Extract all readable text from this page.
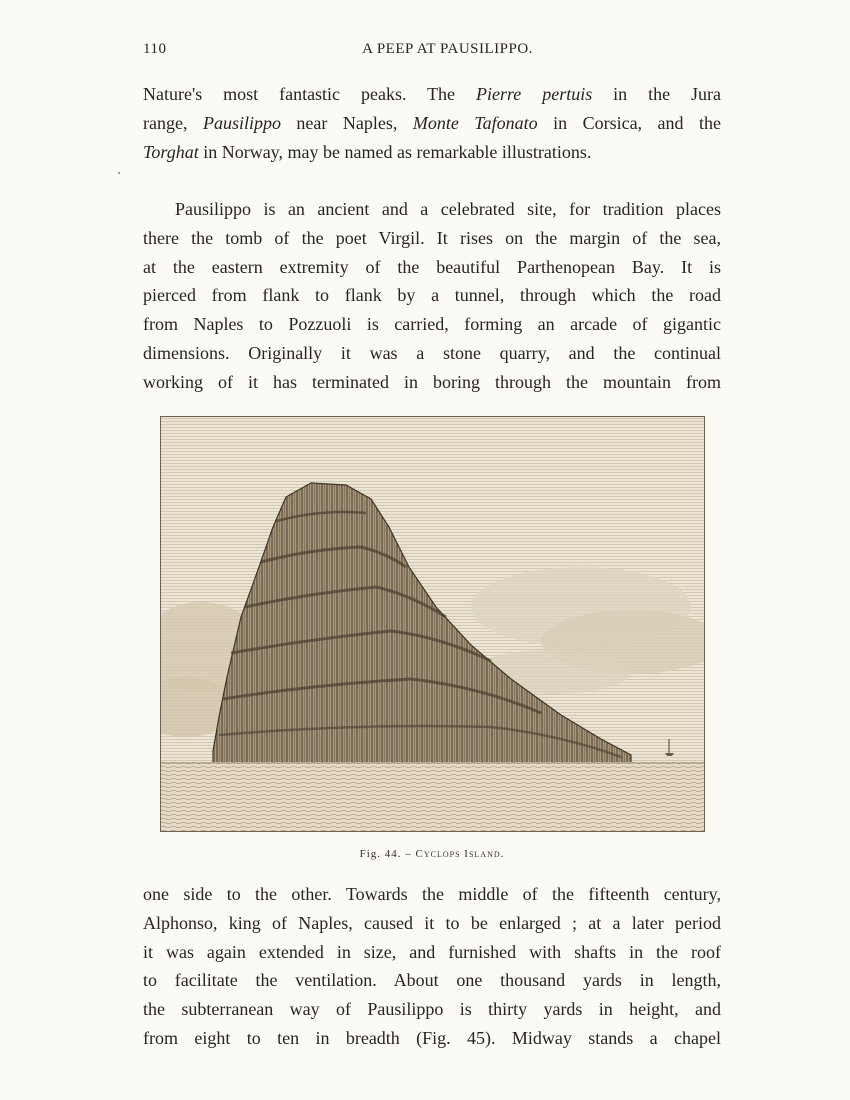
110	A PEEP AT PAUSILIPPO.
Nature's most fantastic peaks. The Pierre pertuis in the Jura
range, Pausilippo near Naples, Monte Tafonato in Corsica, and the
Torghat in Norway, may be named as remarkable illustrations.
Pausilippo is an ancient and a celebrated site, for tradition places
there the tomb of the poet Virgil. It rises on the margin of the sea,
at the eastern extremity of the beautiful Parthenopean Bay. It is
pierced from flank to flank by a tunnel, through which the road
from Naples to Pozzuoli is carried, forming an arcade of gigantic
dimensions. Originally it was a stone quarry, and the continual
working of it has terminated in boring through the mountain from
Fig. 44. – Cyclops Island.
one side to the other. Towards the middle of the fifteenth century,
Alphonso, king of Naples, caused it to be enlarged ; at a later period
it was again extended in size, and furnished with shafts in the roof
to facilitate the ventilation. About one thousand yards in length,
the subterranean way of Pausilippo is thirty yards in height, and
from eight to ten in breadth (Fig. 45). Midway stands a chapel
